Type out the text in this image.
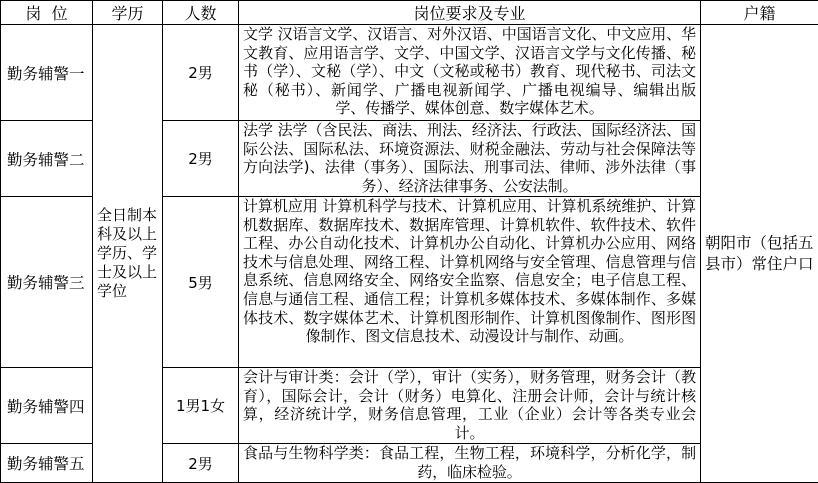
岗  位	学历	人数	岗位要求及专业	户籍
勤务辅警一	全日制本科及以上学历、学士及以上学位	2男	文学 汉语言文学、汉语言、对外汉语、中国语言文化、中文应用、华文教育、应用语言学、文学、中国文学、汉语言文学与文化传播、秘书（学）、文秘（学）、中文（文秘或秘书）教育、现代秘书、司法文秘（秘书）、新闻学、广播电视新闻学、广播电视编导、编辑出版学、传播学、媒体创意、数字媒体艺术。	朝阳市（包括五县市）常住户口
勤务辅警二		2男	法学 法学（含民法、商法、刑法、经济法、行政法、国际经济法、国际公法、国际私法、环境资源法、财税金融法、劳动与社会保障法等方向法学)、法律（事务）、国际法、刑事司法、律师、涉外法律（事务）、经济法律事务、公安法制。	
勤务辅警三		5男	计算机应用 计算机科学与技术、计算机应用、计算机系统维护、计算机数据库、数据库技术、数据库管理、计算机软件、软件技术、软件工程、办公自动化技术、计算机办公自动化、计算机办公应用、网络技术与信息处理、网络工程、计算机网络与安全管理、信息管理与信息系统、信息网络安全、网络安全监察、信息安全；电子信息工程、信息与通信工程、通信工程；计算机多媒体技术、多媒体制作、多媒体技术、数字媒体艺术、计算机图形制作、计算机图像制作、图形图像制作、图文信息技术、动漫设计与制作、动画。	
勤务辅警四		1男1女	会计与审计类：会计（学），审计（实务），财务管理，财务会计（教育），国际会计，会计（财务）电算化、注册会计师，会计与统计核算，经济统计学，财务信息管理，工业（企业）会计等各类专业会计。	
勤务辅警五		2男	食品与生物科学类：食品工程，生物工程，环境科学，分析化学，制药，临床检验。	
